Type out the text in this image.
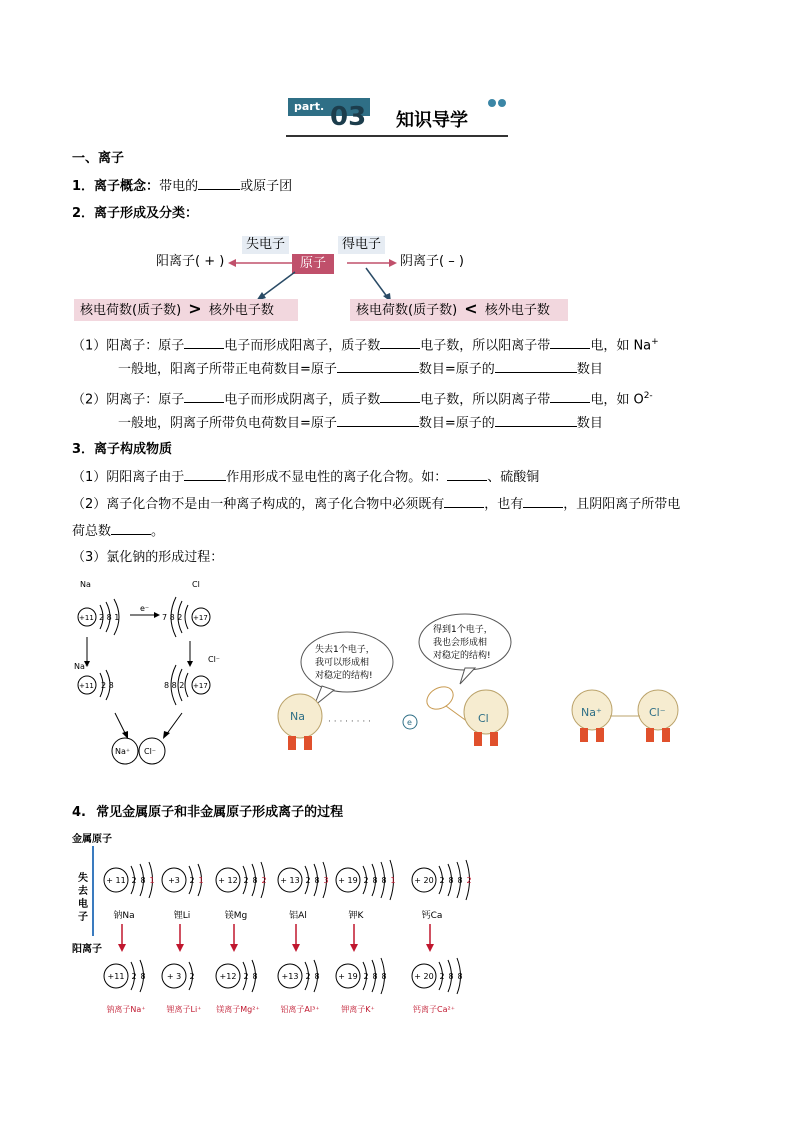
part. 03 知识导学
一、离子
1．离子概念：带电的	或原子团
2．离子形成及分类：
失电子	得电子
原子
阳离子( + )	阴离子( – )
核电荷数(质子数) > 核外电子数	核电荷数(质子数) < 核外电子数
（1）阳离子：原子	电子而形成阳离子，质子数	电子数，所以阳离子带	电，如 Na+
一般地，阳离子所带正电荷数目=原子	数目=原子的	数目
（2）阴离子：原子	电子而形成阴离子，质子数	电子数，所以阴离子带	电，如 $O^{2-}$
一般地，阴离子所带负电荷数目=原子	数目=原子的	数目
3．离子构成物质
（1）阴阳离子由于	作用形成不显电性的离子化合物。如：	、硫酸铜
（2）离子化合物不是由一种离子构成的，离子化合物中必须既有	，也有	，且阴阳离子所带电
荷总数	。
（3）氯化钠的形成过程：
Na
+11 2 8 1
e⁻
Cl
+17
7 8 2
Na⁺
+11 2 8
Cl⁻
+17
8 8 2
Na⁺ Cl⁻
失去1个电子，
我可以形成相
对稳定的结构!
得到1个电子，
我也会形成相
对稳定的结构!
Na	· · · · · · · ·	e	Cl	Na⁺	Cl⁻
4. 常见金属原子和非金属原子形成离子的过程
金属原子
失
去
电
子
阳离子
+ 11 2 8 1
钠Na
+11 2 8
钠离子Na⁺
+3 2 1
锂Li
+ 3 2
锂离子Li⁺
+ 12 2 8 2
镁Mg
+12 2 8
镁离子Mg²⁺
+ 13 2 8 3
铝Al
+13 2 8
铝离子Al³⁺
+ 19 2 8 8 1
钾K
+ 19 2 8 8
钾离子K⁺
+ 20 2 8 8 2
钙Ca
+ 20 2 8 8
钙离子Ca²⁺
